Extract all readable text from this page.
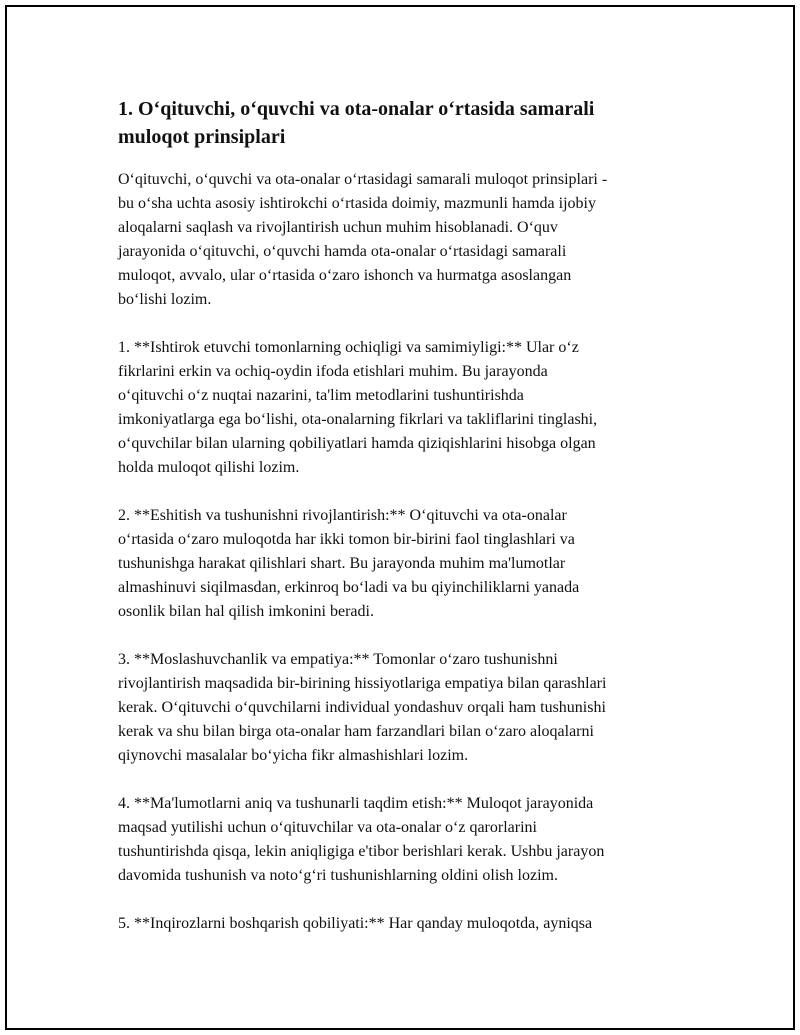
1. O‘qituvchi, o‘quvchi va ota-onalar o‘rtasida samarali
muloqot prinsiplari
O‘qituvchi, o‘quvchi va ota-onalar o‘rtasidagi samarali muloqot prinsiplari -
bu o‘sha uchta asosiy ishtirokchi o‘rtasida doimiy, mazmunli hamda ijobiy
aloqalarni saqlash va rivojlantirish uchun muhim hisoblanadi. O‘quv
jarayonida o‘qituvchi, o‘quvchi hamda ota-onalar o‘rtasidagi samarali
muloqot, avvalo, ular o‘rtasida o‘zaro ishonch va hurmatga asoslangan
bo‘lishi lozim.
1. **Ishtirok etuvchi tomonlarning ochiqligi va samimiyligi:** Ular o‘z
fikrlarini erkin va ochiq-oydin ifoda etishlari muhim. Bu jarayonda
o‘qituvchi o‘z nuqtai nazarini, ta'lim metodlarini tushuntirishda
imkoniyatlarga ega bo‘lishi, ota-onalarning fikrlari va takliflarini tinglashi,
o‘quvchilar bilan ularning qobiliyatlari hamda qiziqishlarini hisobga olgan
holda muloqot qilishi lozim.
2. **Eshitish va tushunishni rivojlantirish:** O‘qituvchi va ota-onalar
o‘rtasida o‘zaro muloqotda har ikki tomon bir-birini faol tinglashlari va
tushunishga harakat qilishlari shart. Bu jarayonda muhim ma'lumotlar
almashinuvi siqilmasdan, erkinroq bo‘ladi va bu qiyinchiliklarni yanada
osonlik bilan hal qilish imkonini beradi.
3. **Moslashuvchanlik va empatiya:** Tomonlar o‘zaro tushunishni
rivojlantirish maqsadida bir-birining hissiyotlariga empatiya bilan qarashlari
kerak. O‘qituvchi o‘quvchilarni individual yondashuv orqali ham tushunishi
kerak va shu bilan birga ota-onalar ham farzandlari bilan o‘zaro aloqalarni
qiynovchi masalalar bo‘yicha fikr almashishlari lozim.
4. **Ma'lumotlarni aniq va tushunarli taqdim etish:** Muloqot jarayonida
maqsad yutilishi uchun o‘qituvchilar va ota-onalar o‘z qarorlarini
tushuntirishda qisqa, lekin aniqligiga e'tibor berishlari kerak. Ushbu jarayon
davomida tushunish va noto‘g‘ri tushunishlarning oldini olish lozim.
5. **Inqirozlarni boshqarish qobiliyati:** Har qanday muloqotda, ayniqsa
